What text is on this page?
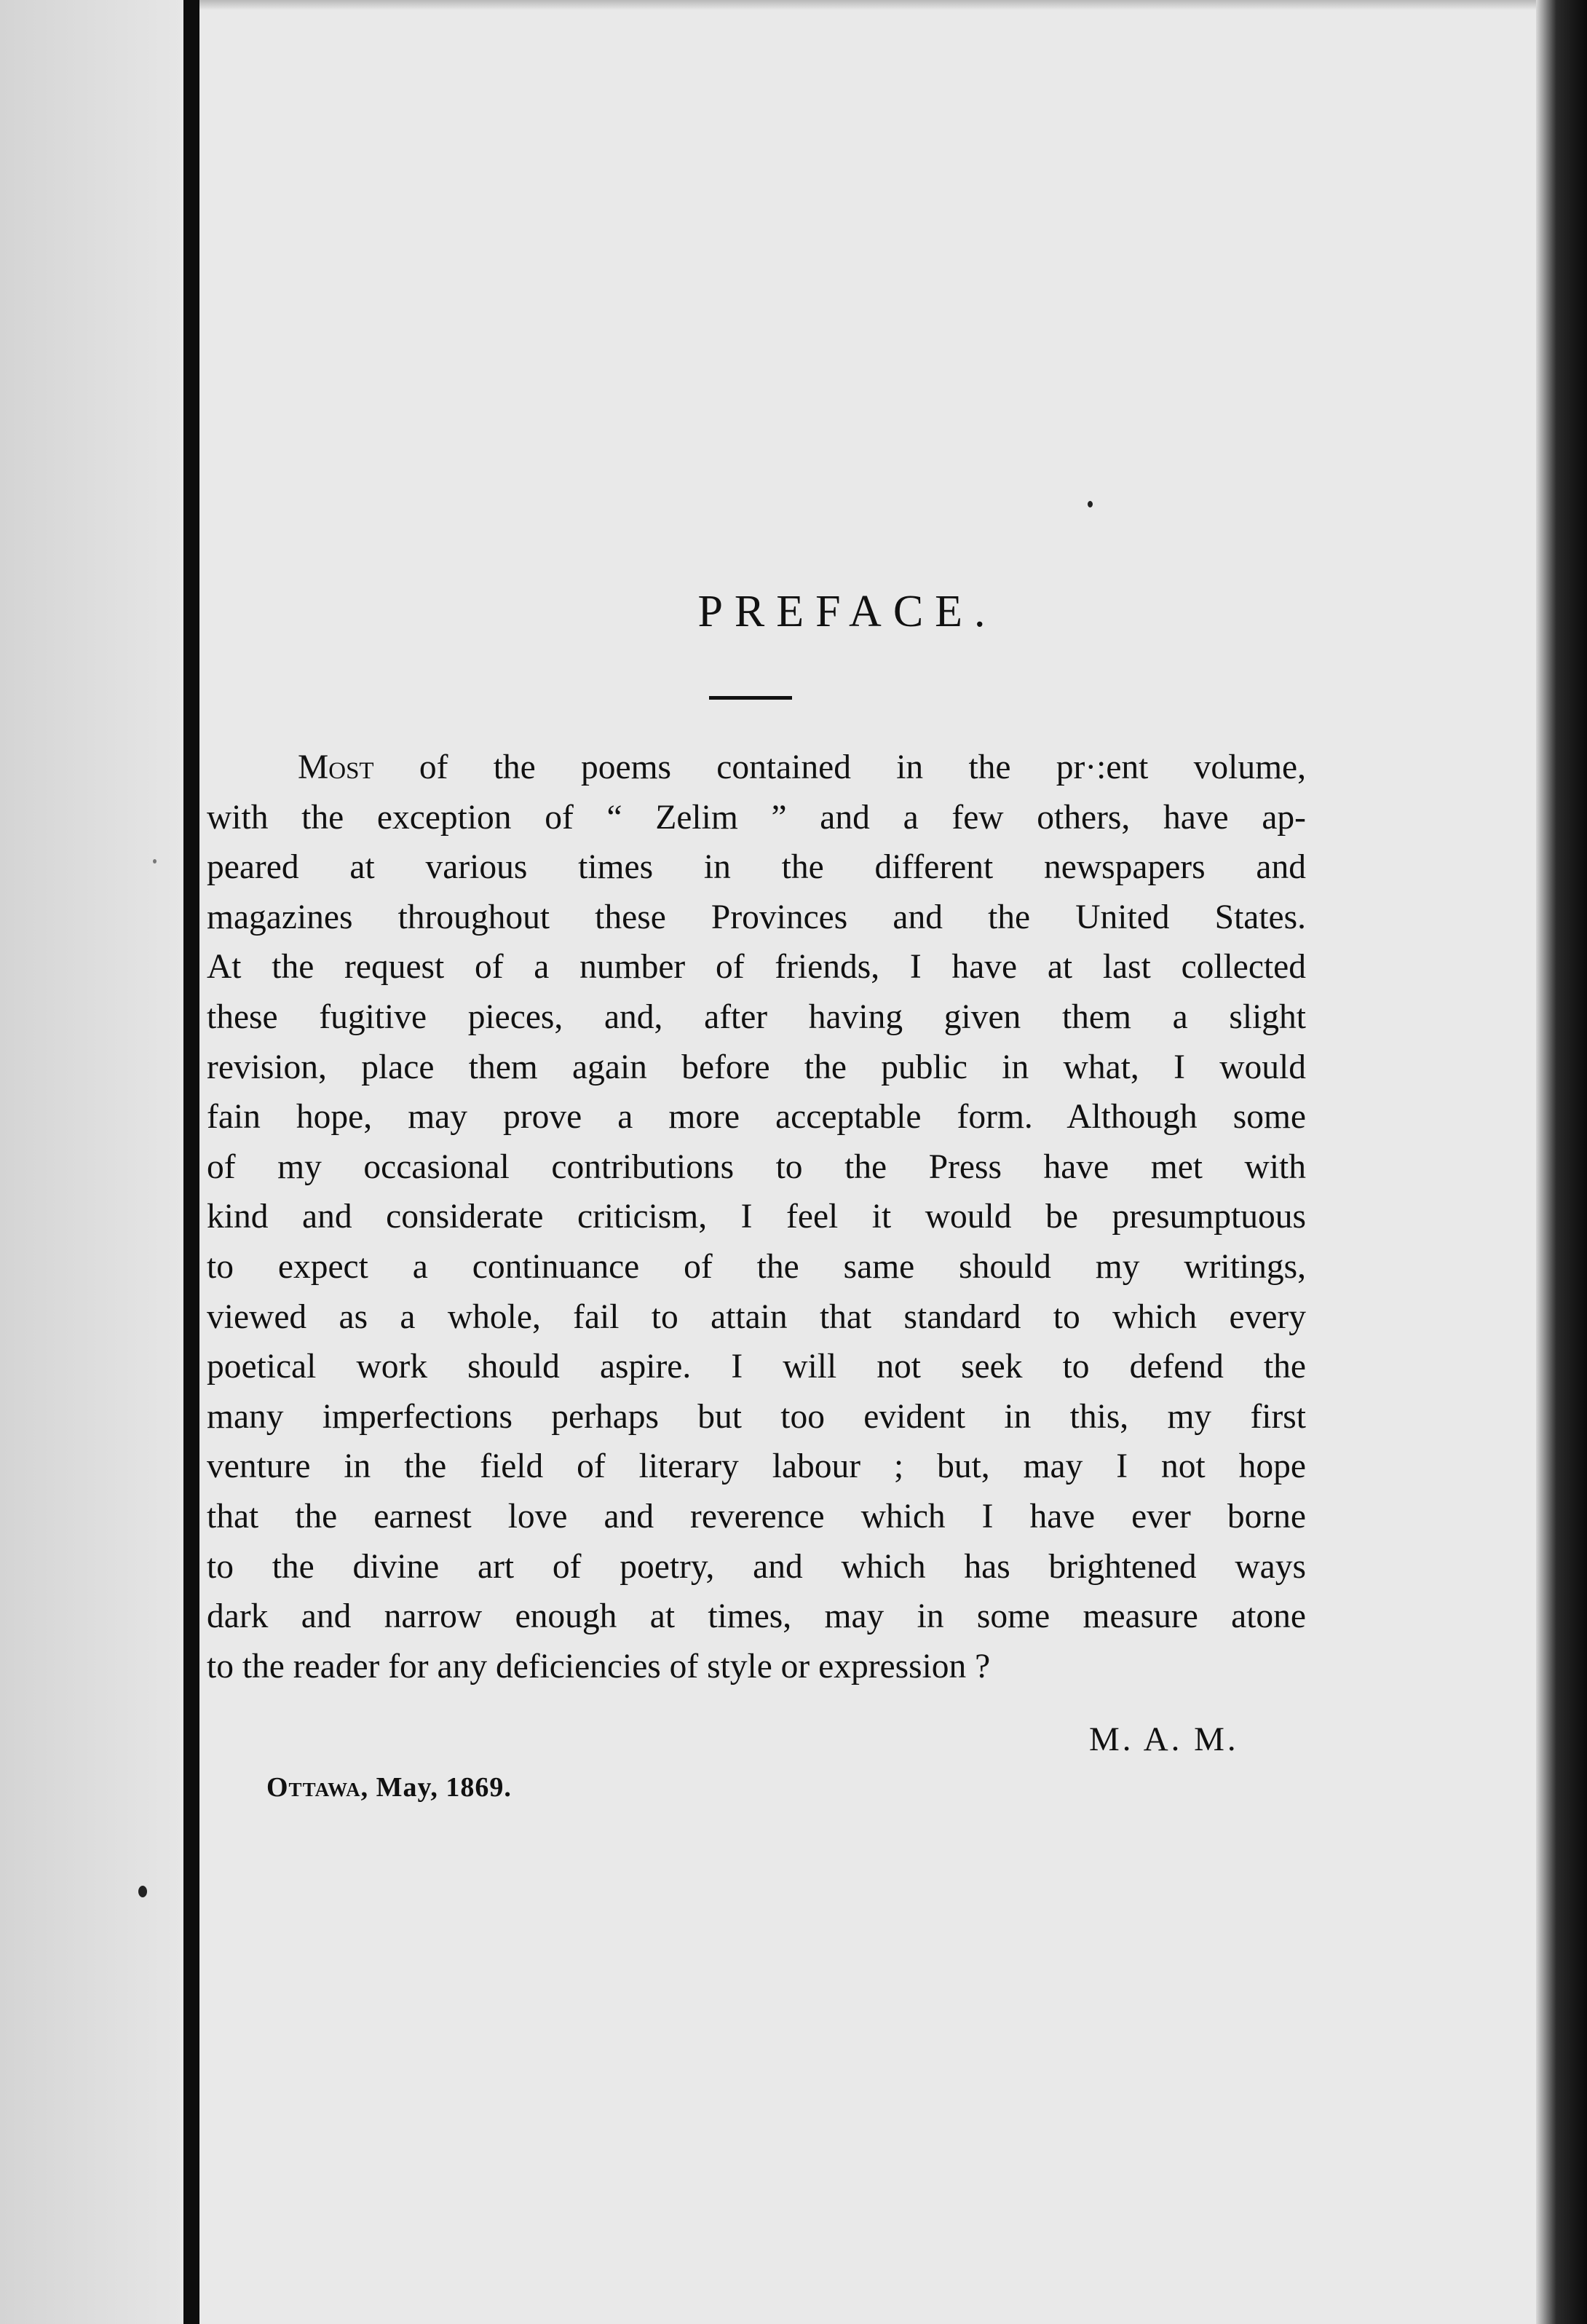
PREFACE.
Most of the poems contained in the pr·:ent volume,
with the exception of “ Zelim ” and a few others, have ap-
peared at various times in the different newspapers and
magazines throughout these Provinces and the United States.
At the request of a number of friends, I have at last collected
these fugitive pieces, and, after having given them a slight
revision, place them again before the public in what, I would
fain hope, may prove a more acceptable form. Although some
of my occasional contributions to the Press have met with
kind and considerate criticism, I feel it would be presumptuous
to expect a continuance of the same should my writings,
viewed as a whole, fail to attain that standard to which every
poetical work should aspire. I will not seek to defend the
many imperfections perhaps but too evident in this, my first
venture in the field of literary labour ; but, may I not hope
that the earnest love and reverence which I have ever borne
to the divine art of poetry, and which has brightened ways
dark and narrow enough at times, may in some measure atone
to the reader for any deficiencies of style or expression ?
M. A. M.
Ottawa, May, 1869.
